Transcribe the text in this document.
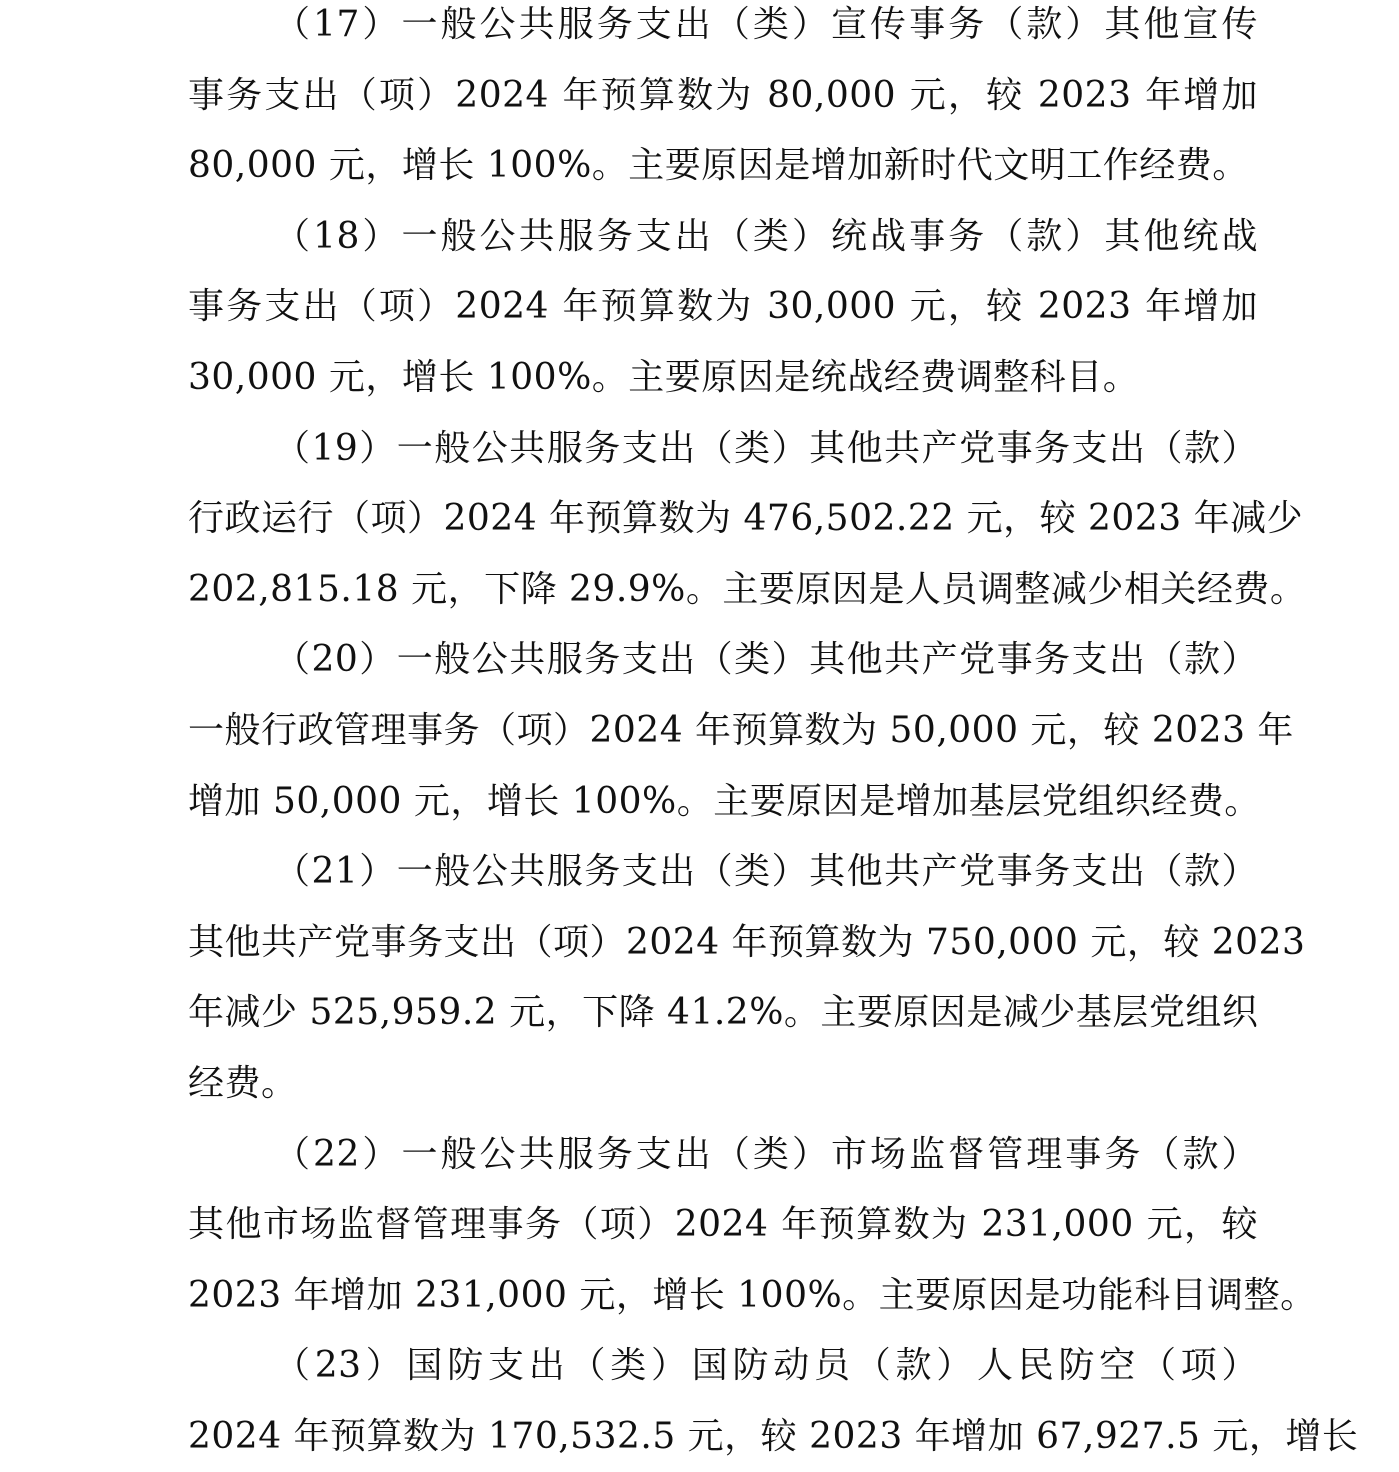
（17）一般公共服务支出（类）宣传事务（款）其他宣传
事务支出（项）2024 年预算数为 80,000 元，较 2023 年增加
80,000 元，增长 100%。主要原因是增加新时代文明工作经费。
（18）一般公共服务支出（类）统战事务（款）其他统战
事务支出（项）2024 年预算数为 30,000 元，较 2023 年增加
30,000 元，增长 100%。主要原因是统战经费调整科目。
（19）一般公共服务支出（类）其他共产党事务支出（款）
行政运行（项）2024 年预算数为 476,502.22 元，较 2023 年减少
202,815.18 元，下降 29.9%。主要原因是人员调整减少相关经费。
（20）一般公共服务支出（类）其他共产党事务支出（款）
一般行政管理事务（项）2024 年预算数为 50,000 元，较 2023 年
增加 50,000 元，增长 100%。主要原因是增加基层党组织经费。
（21）一般公共服务支出（类）其他共产党事务支出（款）
其他共产党事务支出（项）2024 年预算数为 750,000 元，较 2023
年减少 525,959.2 元，下降 41.2%。主要原因是减少基层党组织
经费。
（22）一般公共服务支出（类）市场监督管理事务（款）
其他市场监督管理事务（项）2024 年预算数为 231,000 元，较
2023 年增加 231,000 元，增长 100%。主要原因是功能科目调整。
（23）国防支出（类）国防动员（款）人民防空（项）
2024 年预算数为 170,532.5 元，较 2023 年增加 67,927.5 元，增长
